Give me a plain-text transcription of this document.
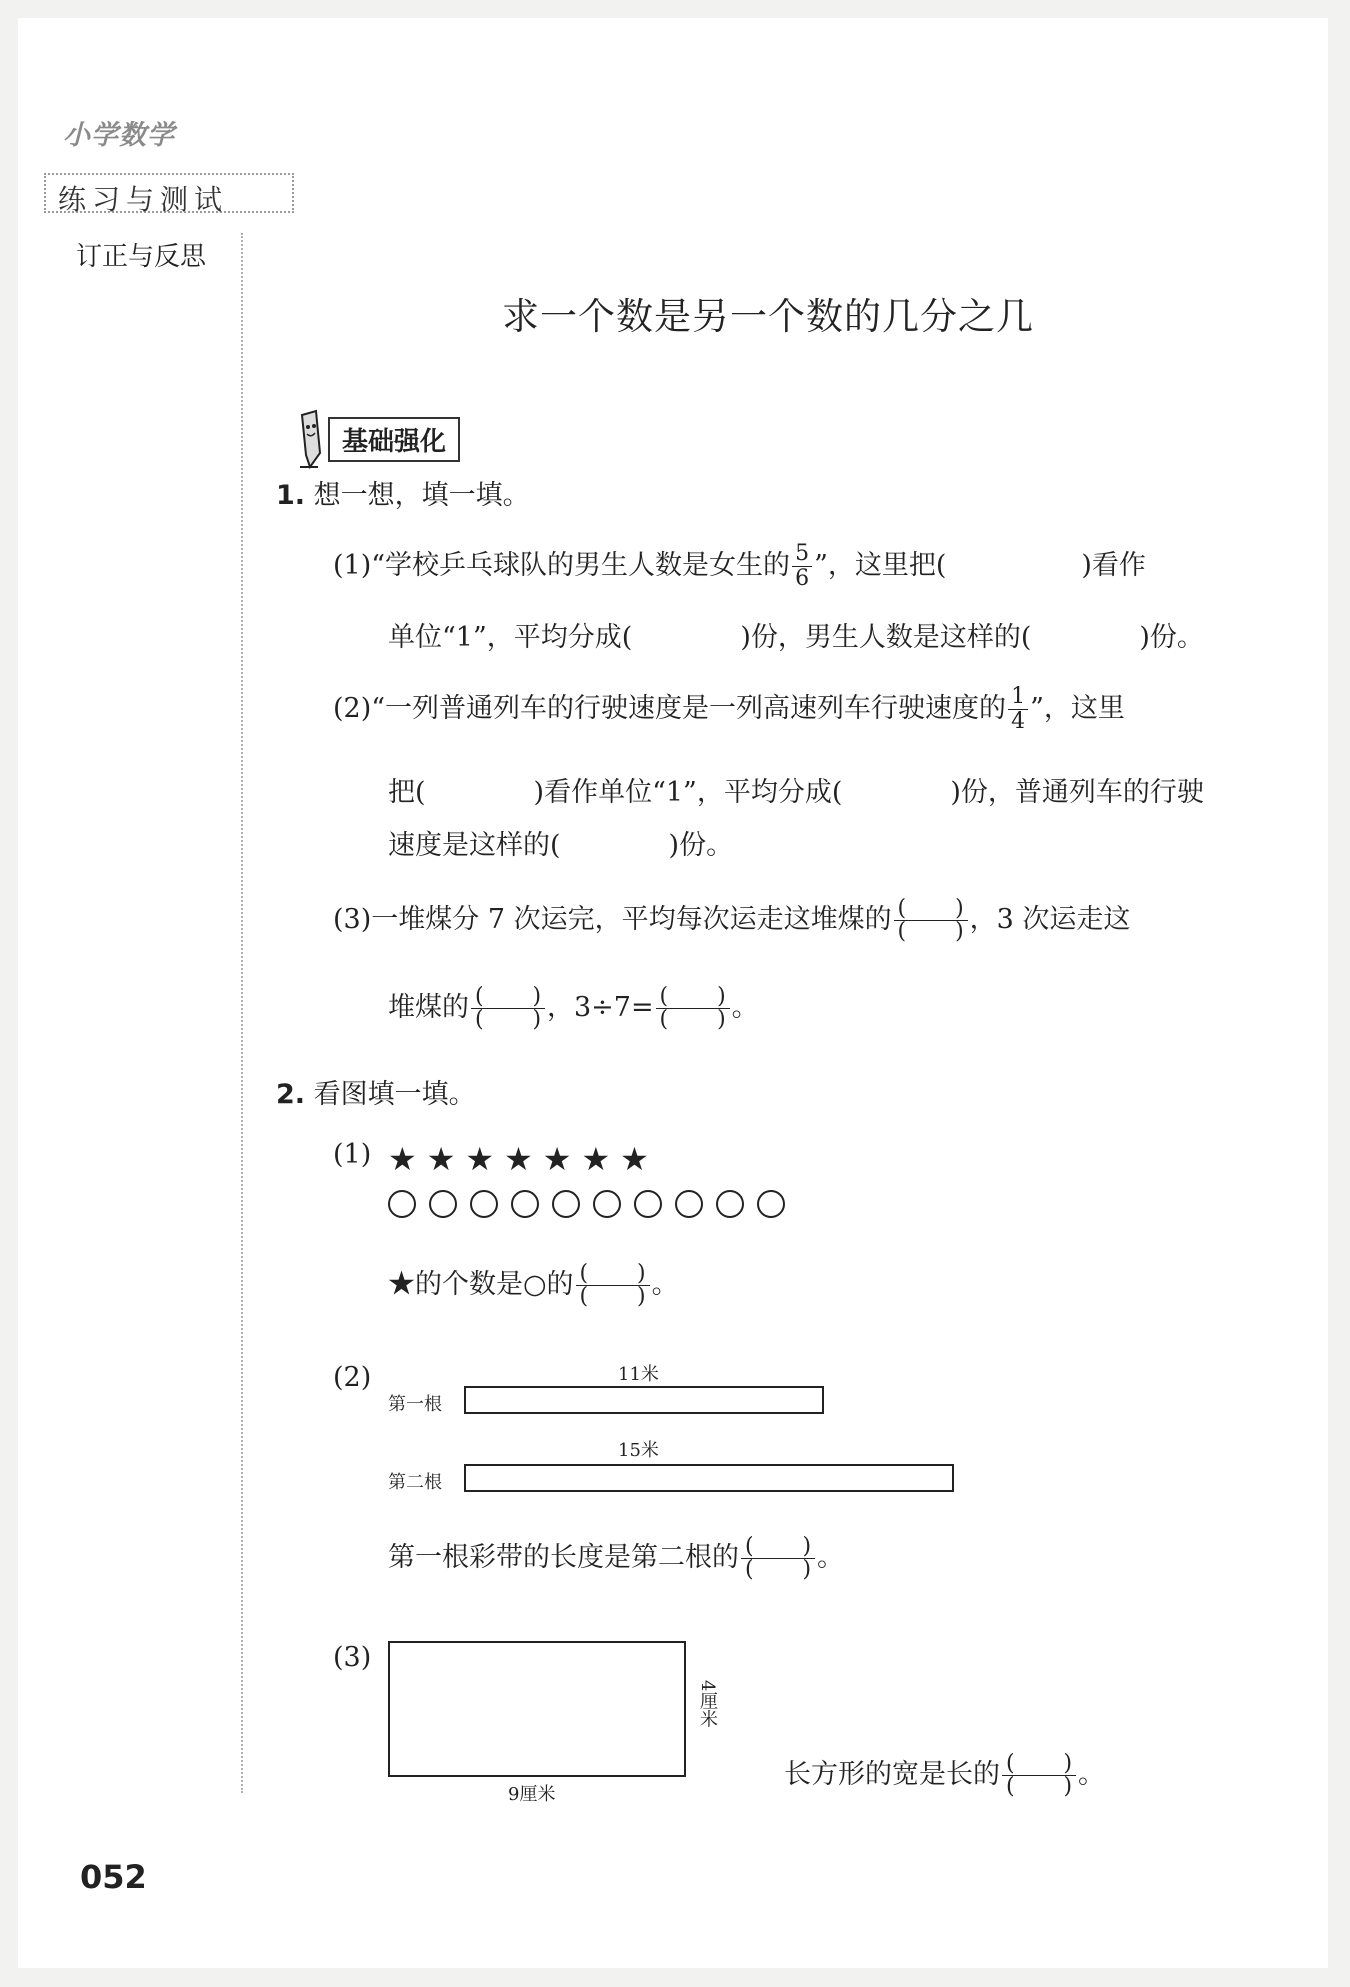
小学数学
练习与测试
订正与反思
求一个数是另一个数的几分之几
基础强化
1. 想一想，填一填。
(1)“学校乒乓球队的男生人数是女生的 $\frac{5}{6}$ ”，这里把(　　　　　)看作
单位“1”，平均分成(　　　　)份，男生人数是这样的(　　　　)份。
(2)“一列普通列车的行驶速度是一列高速列车行驶速度的 $\frac{1}{4}$ ”，这里
把(　　　　)看作单位“1”，平均分成(　　　　)份，普通列车的行驶
速度是这样的(　　　　)份。
(3)一堆煤分 7 次运完，平均每次运走这堆煤的 (       ) (       )	，3 次运走这
堆煤的 (       ) (       )	，3÷7= (       ) (       )	。
2. 看图填一填。
(1) ★★★★★★★
★的个数是○的 (       ) (       )	。
(2)	11米
第一根
15米
第二根
第一根彩带的长度是第二根的 (       ) (       )	。
(3)
4厘米
9厘米
长方形的宽是长的 (       ) (       )	。
052
